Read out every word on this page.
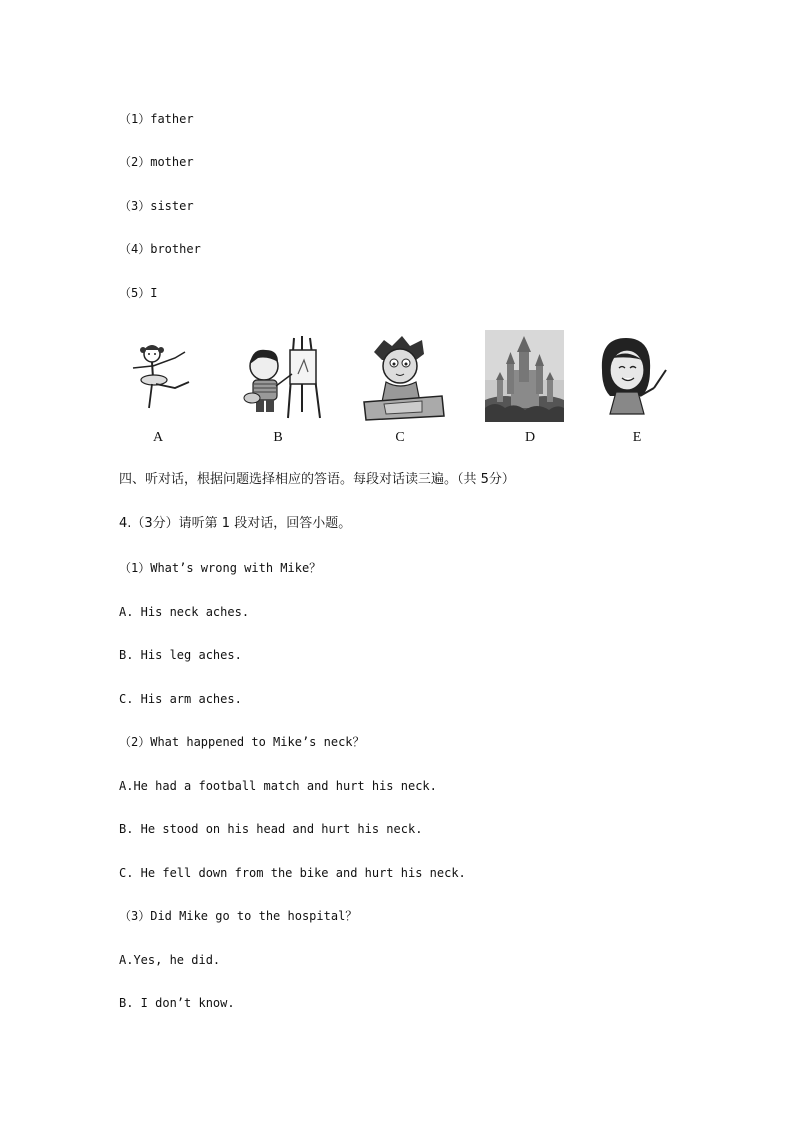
（1）father
（2）mother
（3）sister
（4）brother
（5）I
A	B	C	D	E
四、听对话，根据问题选择相应的答语。每段对话读三遍。（共 5分）
4.（3分）请听第 1 段对话，回答小题。
（1）What’s wrong with Mike？
A. His neck aches.
B. His leg aches.
C. His arm aches.
（2）What happened to Mike’s neck？
A.He had a football match and hurt his neck.
B. He stood on his head and hurt his neck.
C. He fell down from the bike and hurt his neck.
（3）Did Mike go to the hospital？
A.Yes, he did.
B. I don’t know.
